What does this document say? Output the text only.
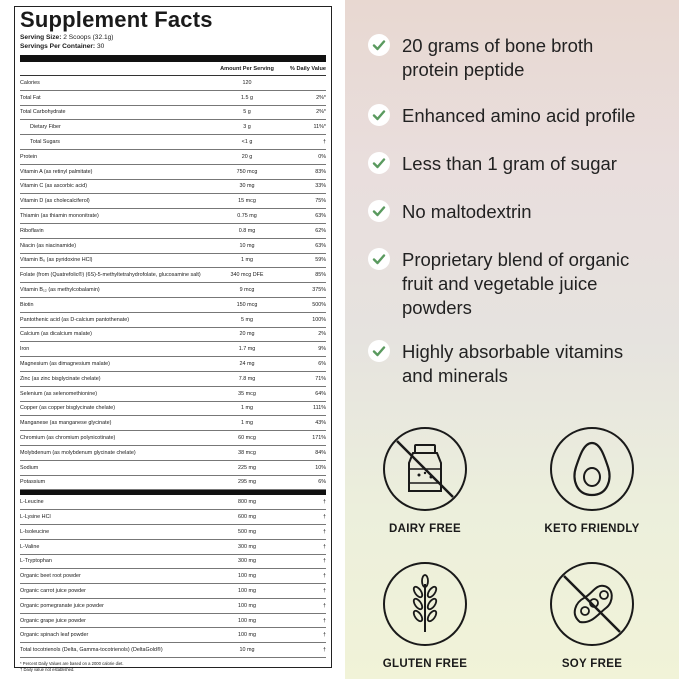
Supplement Facts
Serving Size: 2 Scoops (32.1g)
Servings Per Container: 30
Amount Per Serving	% Daily Value
Calories	120
Total Fat	1.5 g	2%*
Total Carbohydrate	5 g	2%*
Dietary Fiber	3 g	11%*
Total Sugars	<1 g	†
Protein	20 g	0%
Vitamin A (as retinyl palmitate)	750 mcg	83%
Vitamin C (as ascorbic acid)	30 mg	33%
Vitamin D (as cholecalciferol)	15 mcg	75%
Thiamin (as thiamin mononitrate)	0.75 mg	63%
Riboflavin	0.8 mg	62%
Niacin (as niacinamide)	10 mg	63%
Vitamin B₆ (as pyridoxine HCl)	1 mg	59%
Folate (from (Quatrefolic®) (6S)-5-methyltetrahydrofolate, glucosamine salt)	340 mcg DFE	85%
Vitamin B₁₂ (as methylcobalamin)	9 mcg	375%
Biotin	150 mcg	500%
Pantothenic acid (as D-calcium pantothenate)	5 mg	100%
Calcium (as dicalcium malate)	20 mg	2%
Iron	1.7 mg	9%
Magnesium (as dimagnesium malate)	24 mg	6%
Zinc (as zinc bisglycinate chelate)	7.8 mg	71%
Selenium (as selenomethionine)	35 mcg	64%
Copper (as copper bisglycinate chelate)	1 mg	111%
Manganese (as manganese glycinate)	1 mg	43%
Chromium (as chromium polynicotinate)	60 mcg	171%
Molybdenum (as molybdenum glycinate chelate)	38 mcg	84%
Sodium	225 mg	10%
Potassium	295 mg	6%
L-Leucine	800 mg	†
L-Lysine HCl	600 mg	†
L-Isoleucine	500 mg	†
L-Valine	300 mg	†
L-Tryptophan	300 mg	†
Organic beet root powder	100 mg	†
Organic carrot juice powder	100 mg	†
Organic pomegranate juice powder	100 mg	†
Organic grape juice powder	100 mg	†
Organic spinach leaf powder	100 mg	†
Total tocotrienols (Delta, Gamma-tocotrienols) (DeltaGold®)	10 mg	†
* Percent Daily Values are based on a 2000 calorie diet.
† Daily value not established.
20 grams of bone broth
protein peptide
Enhanced amino acid profile
Less than 1 gram of sugar
No maltodextrin
Proprietary blend of organic
fruit and vegetable juice
powders
Highly absorbable vitamins
and minerals
DAIRY FREE	KETO FRIENDLY
GLUTEN FREE	SOY FREE
